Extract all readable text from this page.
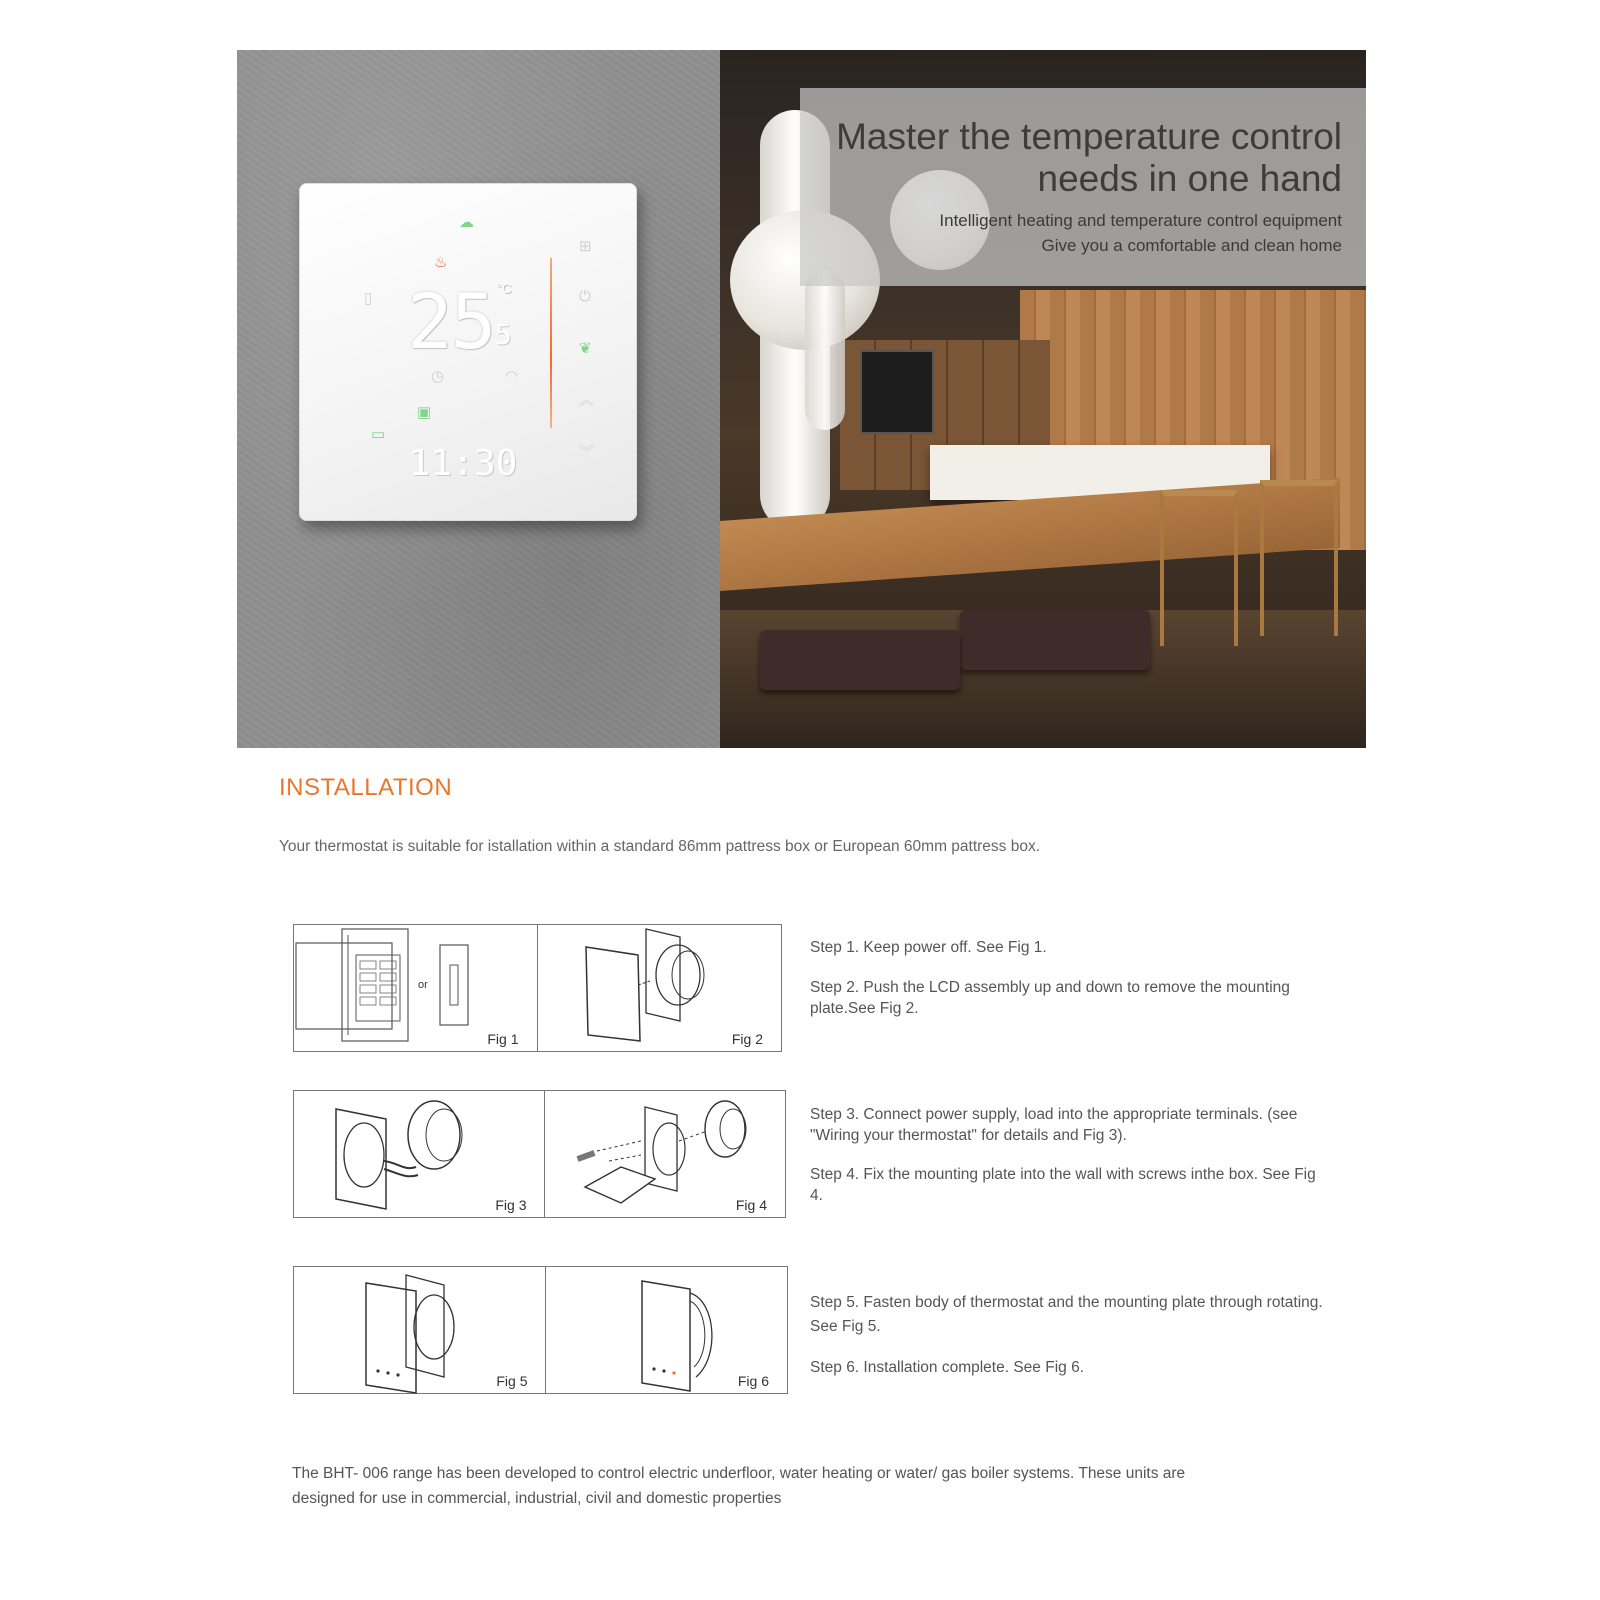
☁
♨
▯ 25 °C
5
◷	◠
▣
▭
11:30
⊞
⏻
❦
︽
︾
Master the temperature control
needs in one hand
Intelligent heating and temperature control equipment
Give you a comfortable and clean home
INSTALLATION
Your thermostat is suitable for istallation within a standard 86mm pattress box or European 60mm pattress box.
or
Fig 1	Fig 2
Fig 3	Fig 4
Fig 5	Fig 6
Step 1. Keep power off. See Fig 1.
Step 2. Push the LCD assembly up and down to remove the mounting plate.See Fig 2.
Step 3. Connect power supply, load into the appropriate terminals. (see "Wiring your thermostat" for details and Fig 3).
Step 4. Fix the mounting plate into the wall with screws inthe box. See Fig 4.
Step 5. Fasten body of thermostat and the mounting plate through rotating. See Fig 5.
Step 6. Installation complete. See Fig 6.
The BHT- 006 range has been developed to control electric underfloor, water heating or water/ gas boiler systems. These units are designed for use in commercial, industrial, civil and domestic properties
